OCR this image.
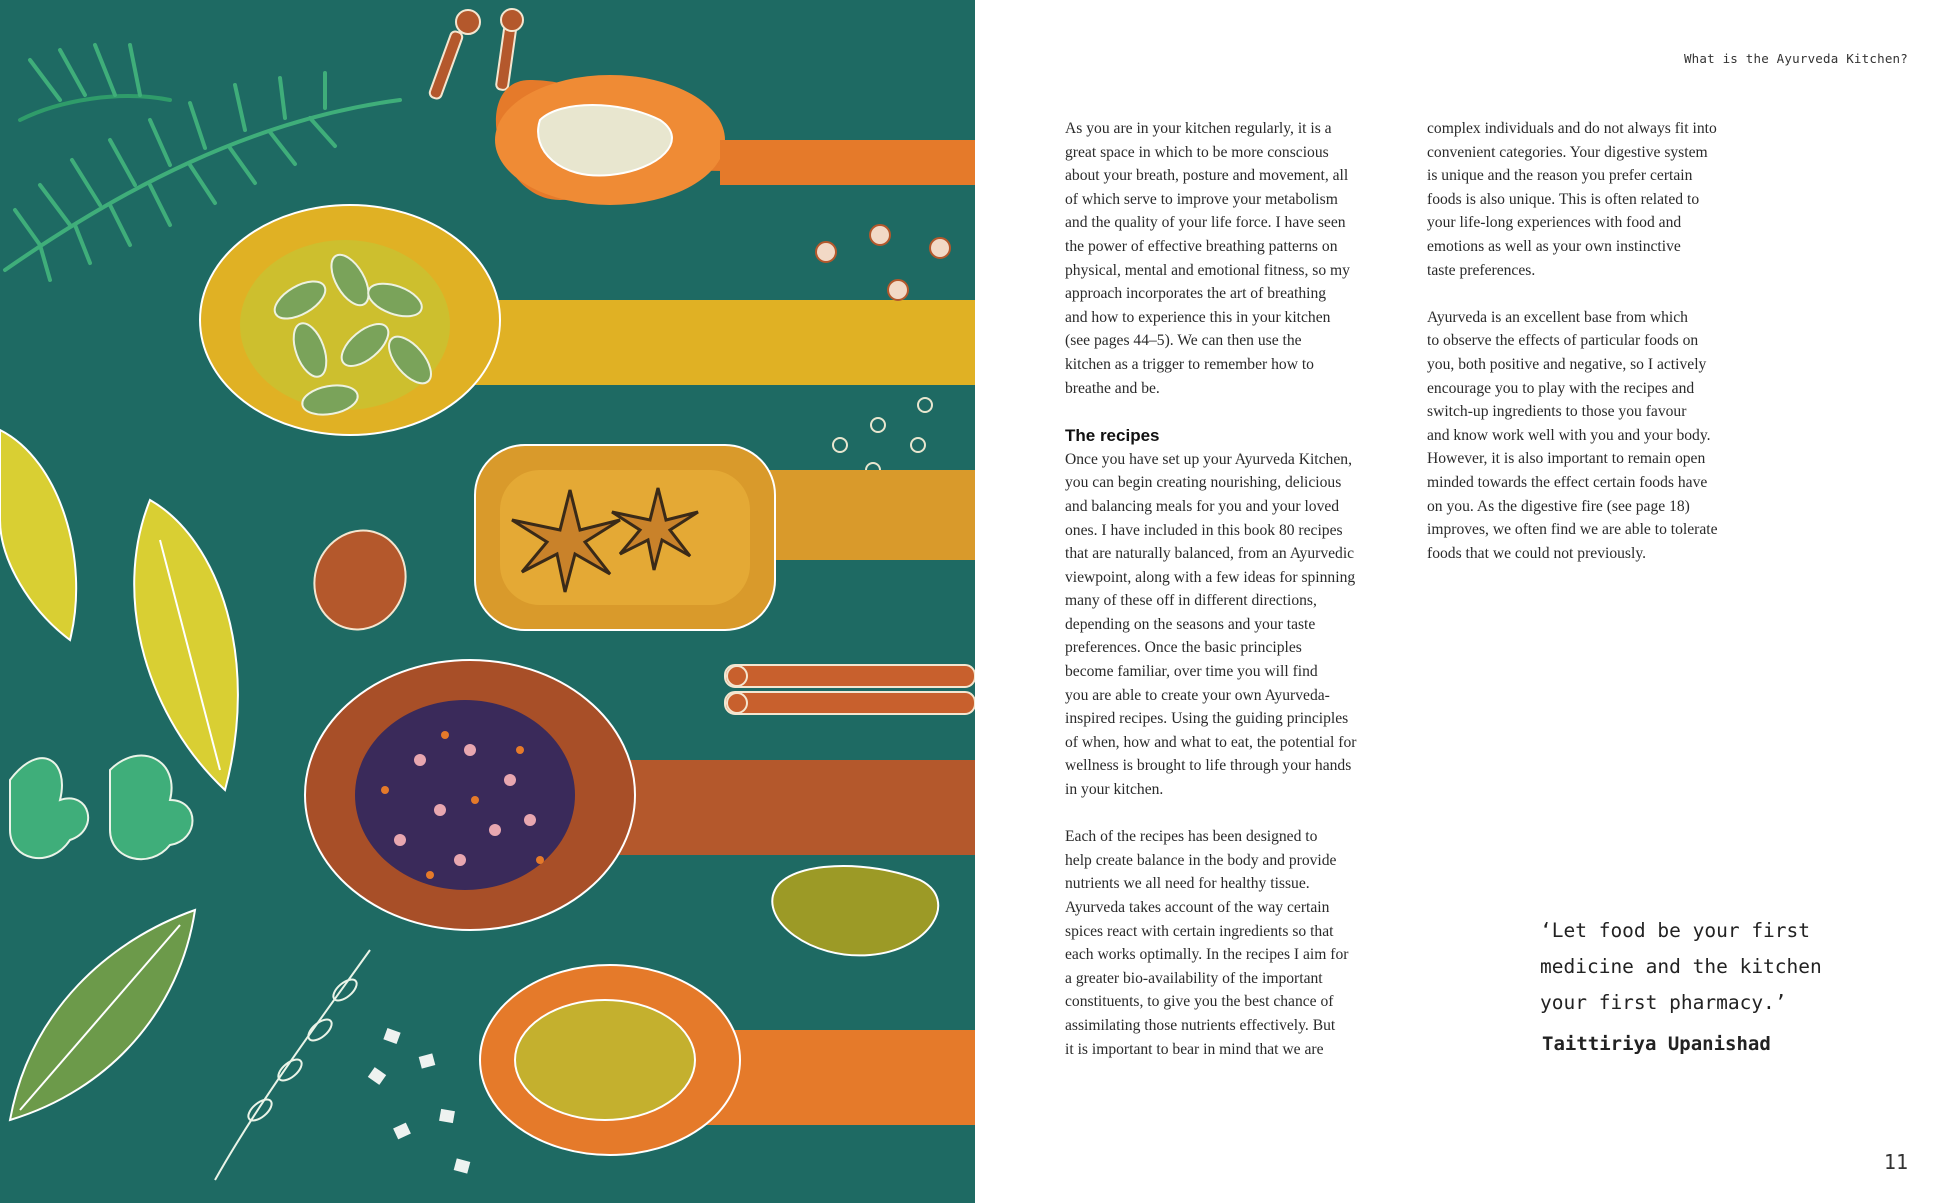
What is the Ayurveda Kitchen?

As you are in your kitchen regularly, it is a
great space in which to be more conscious
about your breath, posture and movement, all
of which serve to improve your metabolism
and the quality of your life force. I have seen
the power of effective breathing patterns on
physical, mental and emotional fitness, so my
approach incorporates the art of breathing
and how to experience this in your kitchen
(see pages 44–5). We can then use the
kitchen as a trigger to remember how to
breathe and be.

The recipes

Once you have set up your Ayurveda Kitchen,
you can begin creating nourishing, delicious
and balancing meals for you and your loved
ones. I have included in this book 80 recipes
that are naturally balanced, from an Ayurvedic
viewpoint, along with a few ideas for spinning
many of these off in different directions,
depending on the seasons and your taste
preferences. Once the basic principles
become familiar, over time you will find
you are able to create your own Ayurveda-
inspired recipes. Using the guiding principles
of when, how and what to eat, the potential for
wellness is brought to life through your hands
in your kitchen.

Each of the recipes has been designed to
help create balance in the body and provide
nutrients we all need for healthy tissue.
Ayurveda takes account of the way certain
spices react with certain ingredients so that
each works optimally. In the recipes I aim for
a greater bio-availability of the important
constituents, to give you the best chance of
assimilating those nutrients effectively. But
it is important to bear in mind that we are

complex individuals and do not always fit into
convenient categories. Your digestive system
is unique and the reason you prefer certain
foods is also unique. This is often related to
your life-long experiences with food and
emotions as well as your own instinctive
taste preferences.

Ayurveda is an excellent base from which
to observe the effects of particular foods on
you, both positive and negative, so I actively
encourage you to play with the recipes and
switch-up ingredients to those you favour
and know work well with you and your body.
However, it is also important to remain open
minded towards the effect certain foods have
on you. As the digestive fire (see page 18)
improves, we often find we are able to tolerate
foods that we could not previously.

‘Let food be your first
medicine and the kitchen
your first pharmacy.’
Taittiriya Upanishad
11
